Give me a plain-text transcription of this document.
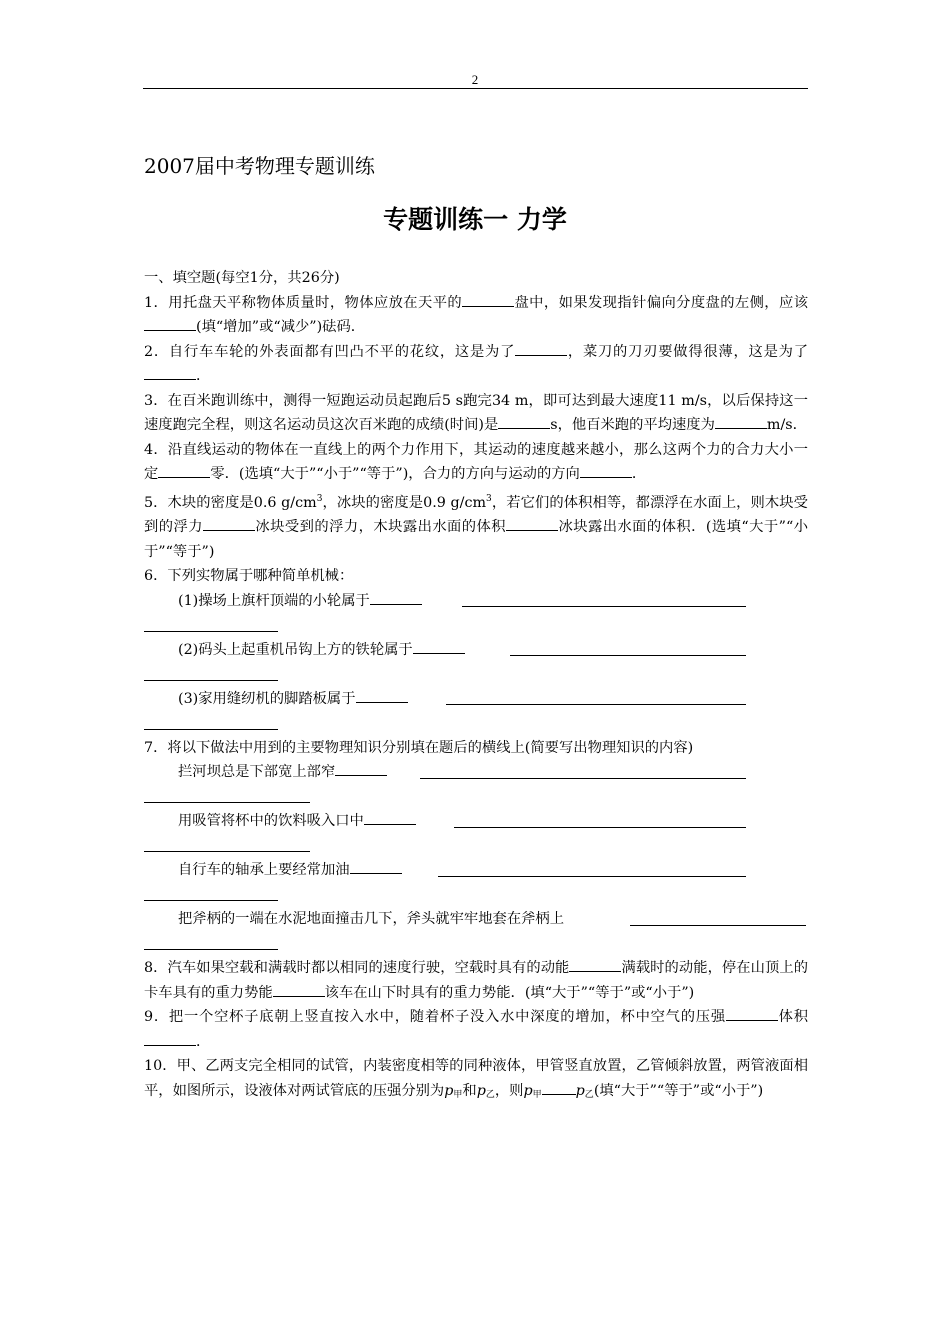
2
2007届中考物理专题训练
专题训练一 力学

一、填空题(每空1分，共26分)

1．用托盘天平称物体质量时，物体应放在天平的	盘中，如果发现指针偏向分度盘的左侧，应该(填“增加”或“减少”)砝码．

2．自行车车轮的外表面都有凹凸不平的花纹，这是为了	，菜刀的刀刃要做得很薄，这是为了．

3．在百米跑训练中，测得一短跑运动员起跑后5 s跑完34 m，即可达到最大速度11 m/s，以后保持这一速度跑完全程，则这名运动员这次百米跑的成绩(时间)是	s，他百米跑的平均速度为	m/s．

4．沿直线运动的物体在一直线上的两个力作用下，其运动的速度越来越小，那么这两个力的合力大小一定	零．(选填“大于”“小于”“等于”)，合力的方向与运动的方向	．

5．木块的密度是0.6 $g/cm^3$，冰块的密度是0.9 $g/cm^3$，若它们的体积相等，都漂浮在水面上，则木块受到的浮力	冰块受到的浮力，木块露出水面的体积	冰块露出水面的体积．(选填“大于”“小于”“等于”)

6．下列实物属于哪种简单机械：

(1)操场上旗杆顶端的小轮属于
(2)码头上起重机吊钩上方的铁轮属于
(3)家用缝纫机的脚踏板属于

7．将以下做法中用到的主要物理知识分别填在题后的横线上(简要写出物理知识的内容)

拦河坝总是下部宽上部窄
用吸管将杯中的饮料吸入口中
自行车的轴承上要经常加油
把斧柄的一端在水泥地面撞击几下，斧头就牢牢地套在斧柄上

8．汽车如果空载和满载时都以相同的速度行驶，空载时具有的动能	满载时的动能，停在山顶上的卡车具有的重力势能	该车在山下时具有的重力势能．(填“大于”“等于”或“小于”)

9．把一个空杯子底朝上竖直按入水中，随着杯子没入水中深度的增加，杯中空气的压强	体积．

10．甲、乙两支完全相同的试管，内装密度相等的同种液体，甲管竖直放置，乙管倾斜放置，两管液面相平，如图所示，设液体对两试管底的压强分别为$p_甲$和$p_乙$，则$p_甲$ $p_乙$(填“大于”“等于”或“小于”)
